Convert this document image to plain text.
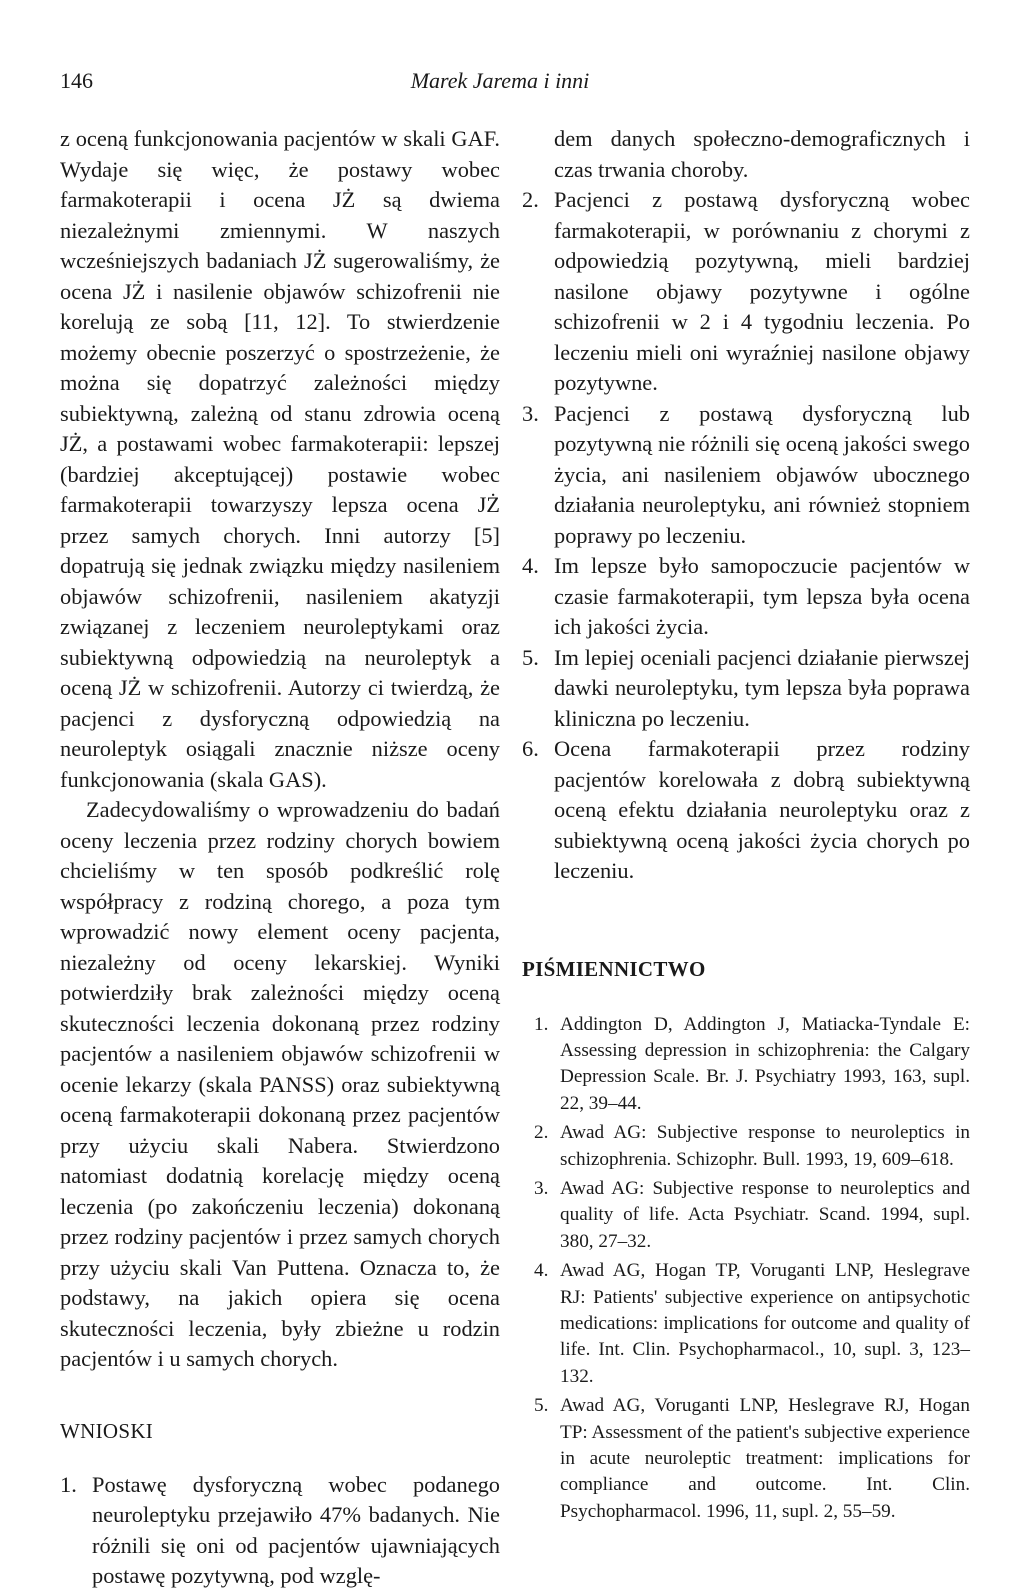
146	Marek Jarema i inni

z oceną funkcjonowania pacjentów w skali GAF. Wydaje się więc, że postawy wobec farmakoterapii i ocena JŻ są dwiema niezależnymi zmiennymi. W naszych wcześniejszych badaniach JŻ sugerowaliśmy, że ocena JŻ i nasilenie objawów schizofrenii nie korelują ze sobą [11, 12]. To stwierdzenie możemy obecnie poszerzyć o spostrzeżenie, że można się dopatrzyć zależności między subiektywną, zależną od stanu zdrowia oceną JŻ, a postawami wobec farmakoterapii: lepszej (bardziej akceptującej) postawie wobec farmakoterapii towarzyszy lepsza ocena JŻ przez samych chorych. Inni autorzy [5] dopatrują się jednak związku między nasileniem objawów schizofrenii, nasileniem akatyzji związanej z leczeniem neuroleptykami oraz subiektywną odpowiedzią na neuroleptyk a oceną JŻ w schizofrenii. Autorzy ci twierdzą, że pacjenci z dysforyczną odpowiedzią na neuroleptyk osiągali znacznie niższe oceny funkcjonowania (skala GAS).

Zadecydowaliśmy o wprowadzeniu do badań oceny leczenia przez rodziny chorych bowiem chcieliśmy w ten sposób podkreślić rolę współpracy z rodziną chorego, a poza tym wprowadzić nowy element oceny pacjenta, niezależny od oceny lekarskiej. Wyniki potwierdziły brak zależności między oceną skuteczności leczenia dokonaną przez rodziny pacjentów a nasileniem objawów schizofrenii w ocenie lekarzy (skala PANSS) oraz subiektywną oceną farmakoterapii dokonaną przez pacjentów przy użyciu skali Nabera. Stwierdzono natomiast dodatnią korelację między oceną leczenia (po zakończeniu leczenia) dokonaną przez rodziny pacjentów i przez samych chorych przy użyciu skali Van Puttena. Oznacza to, że podstawy, na jakich opiera się ocena skuteczności leczenia, były zbieżne u rodzin pacjentów i u samych chorych.

WNIOSKI
1. Postawę dysforyczną wobec podanego neuroleptyku przejawiło 47% badanych. Nie różnili się oni od pacjentów ujawniających postawę pozytywną, pod wzglę-
dem danych społeczno-demograficznych i czas trwania choroby.
2. Pacjenci z postawą dysforyczną wobec farmakoterapii, w porównaniu z chorymi z odpowiedzią pozytywną, mieli bardziej nasilone objawy pozytywne i ogólne schizofrenii w 2 i 4 tygodniu leczenia. Po leczeniu mieli oni wyraźniej nasilone objawy pozytywne.
3. Pacjenci z postawą dysforyczną lub pozytywną nie różnili się oceną jakości swego życia, ani nasileniem objawów ubocznego działania neuroleptyku, ani również stopniem poprawy po leczeniu.
4. Im lepsze było samopoczucie pacjentów w czasie farmakoterapii, tym lepsza była ocena ich jakości życia.
5. Im lepiej oceniali pacjenci działanie pierwszej dawki neuroleptyku, tym lepsza była poprawa kliniczna po leczeniu.
6. Ocena farmakoterapii przez rodziny pacjentów korelowała z dobrą subiektywną oceną efektu działania neuroleptyku oraz z subiektywną oceną jakości życia chorych po leczeniu.
PIŚMIENNICTWO
1. Addington D, Addington J, Matiacka-Tyndale E: Assessing depression in schizophrenia: the Calgary Depression Scale. Br. J. Psychiatry 1993, 163, supl. 22, 39–44.
2. Awad AG: Subjective response to neuroleptics in schizophrenia. Schizophr. Bull. 1993, 19, 609–618.
3. Awad AG: Subjective response to neuroleptics and quality of life. Acta Psychiatr. Scand. 1994, supl. 380, 27–32.
4. Awad AG, Hogan TP, Voruganti LNP, Heslegrave RJ: Patients' subjective experience on antipsychotic medications: implications for outcome and quality of life. Int. Clin. Psychopharmacol., 10, supl. 3, 123–132.
5. Awad AG, Voruganti LNP, Heslegrave RJ, Hogan TP: Assessment of the patient's subjective experience in acute neuroleptic treatment: implications for compliance and outcome. Int. Clin. Psychopharmacol. 1996, 11, supl. 2, 55–59.
